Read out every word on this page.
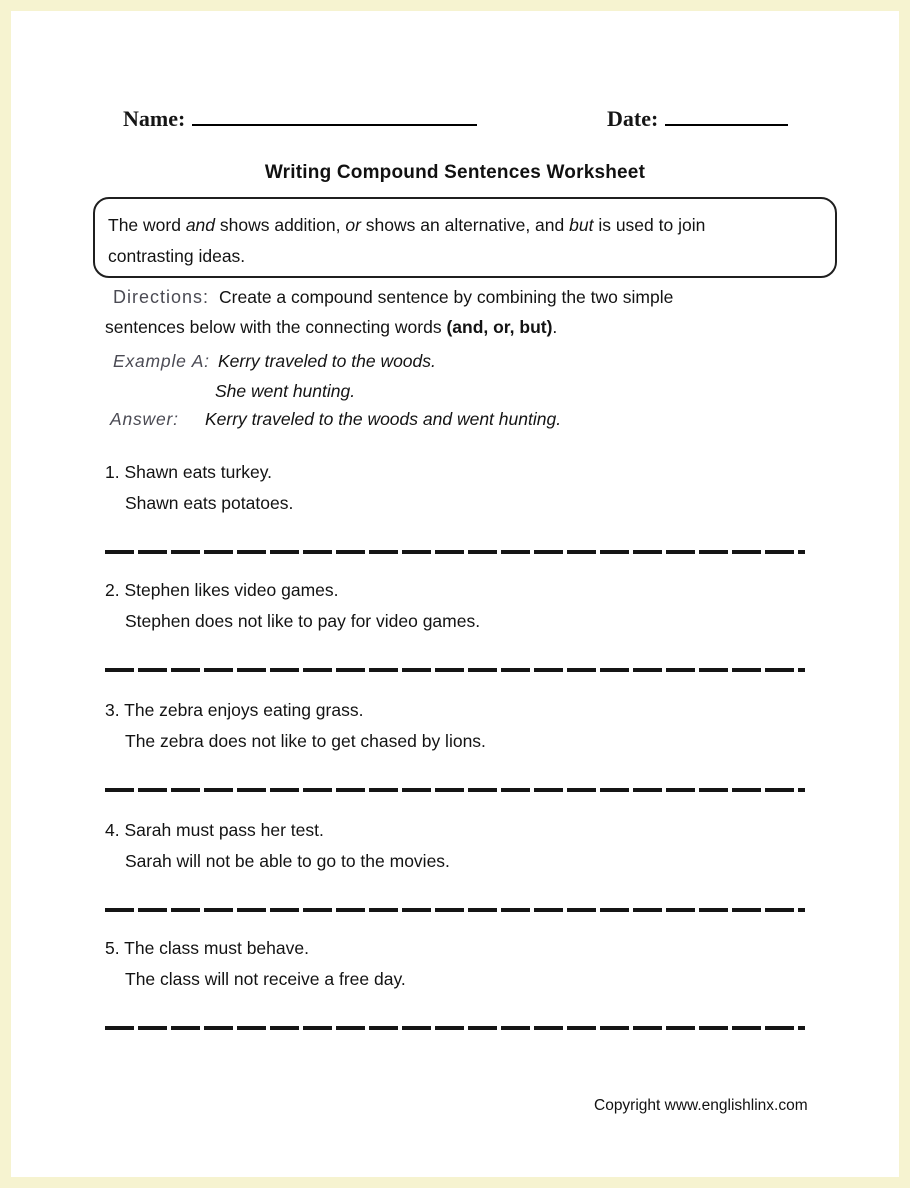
Name:	Date:
Writing Compound Sentences Worksheet
The word and shows addition, or shows an alternative, and but is used to join
contrasting ideas.
Directions: Create a compound sentence by combining the two simple
sentences below with the connecting words (and, or, but).
Example A: Kerry traveled to the woods.
She went hunting.
Answer: Kerry traveled to the woods and went hunting.

1. Shawn eats turkey.

Shawn eats potatoes.

2. Stephen likes video games.

Stephen does not like to pay for video games.

3. The zebra enjoys eating grass.

The zebra does not like to get chased by lions.

4. Sarah must pass her test.

Sarah will not be able to go to the movies.

5. The class must behave.

The class will not receive a free day.

Copyright www.englishlinx.com
